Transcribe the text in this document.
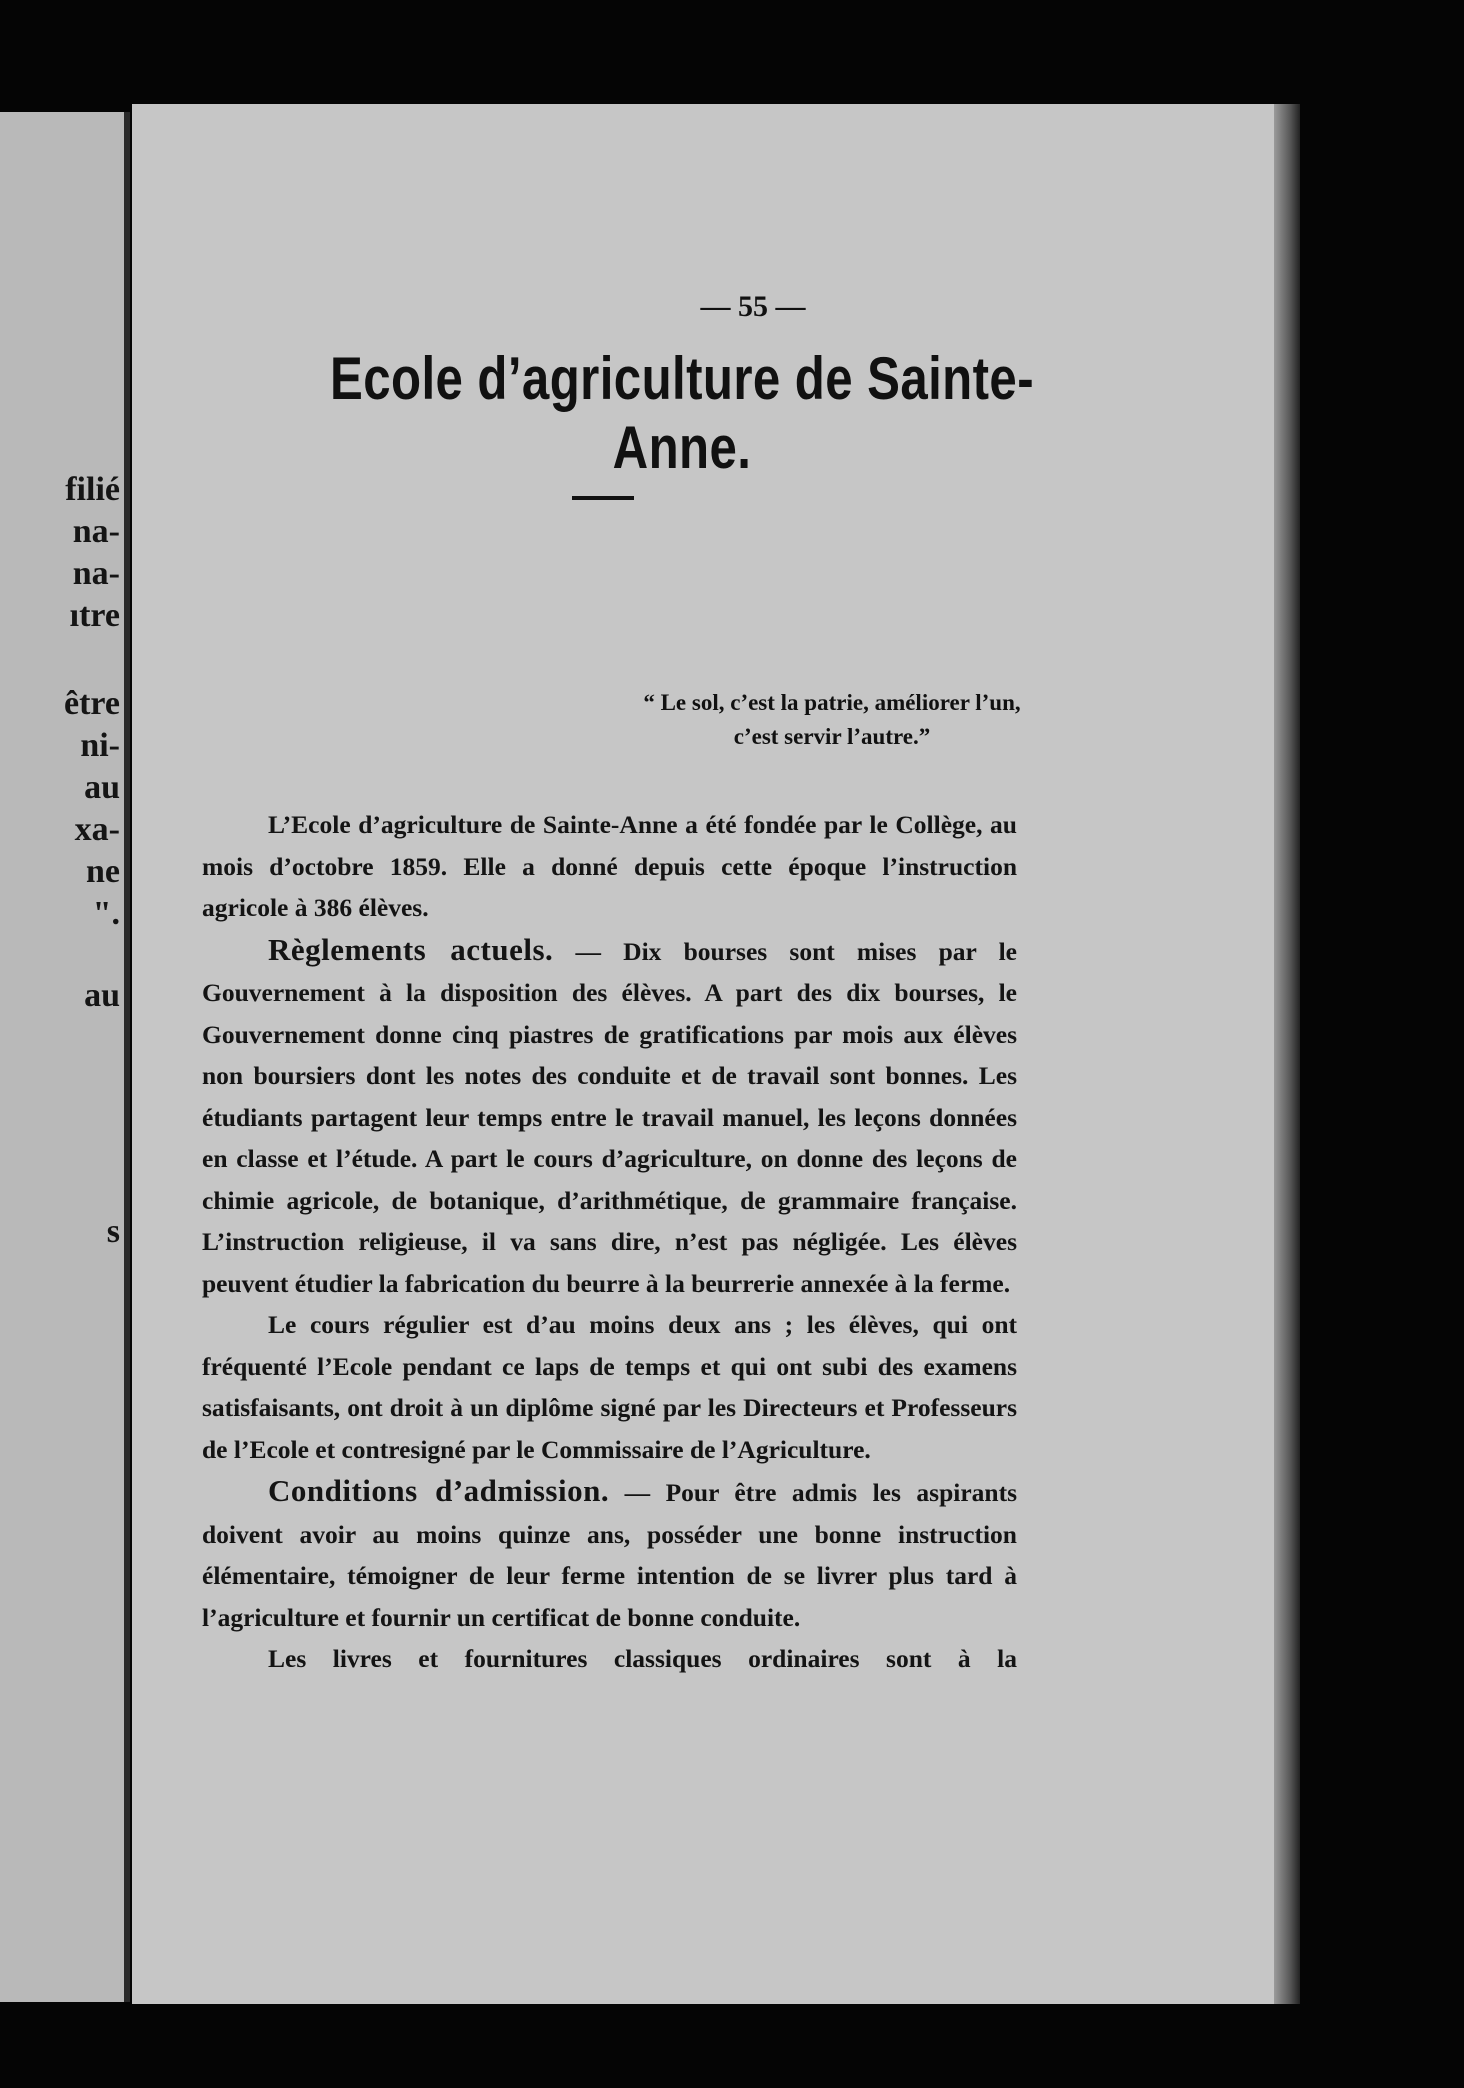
filié
na-
na-
ıtre
être
ni-
au
xa-
ne
".
au
s
— 55 —
Ecole d’agriculture de Sainte-Anne.
“ Le sol, c’est la patrie, améliorer l’un,
c’est servir l’autre.”

L’Ecole d’agriculture de Sainte-Anne a été fondée par le Collège, au mois d’octobre 1859. Elle a donné depuis cette époque l’instruction agricole à 386 élèves.

Règlements actuels. — Dix bourses sont mises par le Gouvernement à la disposition des élèves. A part des dix bourses, le Gouvernement donne cinq piastres de gratifications par mois aux élèves non boursiers dont les notes des conduite et de travail sont bonnes. Les étudiants partagent leur temps entre le travail manuel, les leçons données en classe et l’étude. A part le cours d’agriculture, on donne des leçons de chimie agricole, de botanique, d’arithmétique, de grammaire française. L’instruction religieuse, il va sans dire, n’est pas négligée. Les élèves peuvent étudier la fabrication du beurre à la beurrerie annexée à la ferme.

Le cours régulier est d’au moins deux ans ; les élèves, qui ont fréquenté l’Ecole pendant ce laps de temps et qui ont subi des examens satisfaisants, ont droit à un diplôme signé par les Directeurs et Professeurs de l’Ecole et contresigné par le Commissaire de l’Agriculture.

Conditions d’admission. — Pour être admis les aspirants doivent avoir au moins quinze ans, posséder une bonne instruction élémentaire, témoigner de leur ferme intention de se livrer plus tard à l’agriculture et fournir un certificat de bonne conduite.

Les livres et fournitures classiques ordinaires sont à la
